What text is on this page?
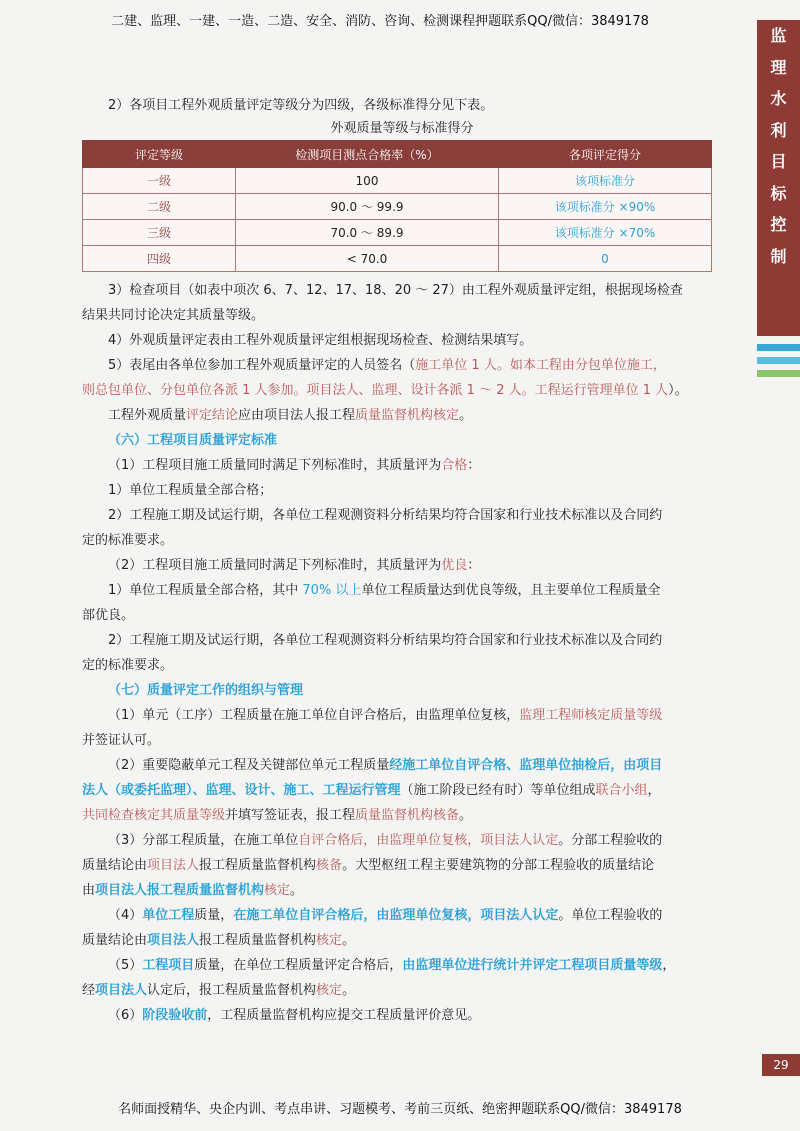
二建、监理、一建、一造、二造、安全、消防、咨询、检测课程押题联系QQ/微信：3849178
监
理
水
利
目
标
控
制
2）各项目工程外观质量评定等级分为四级，各级标准得分见下表。
外观质量等级与标准得分
评定等级	检测项目测点合格率（%）	各项评定得分
一级	100	该项标准分
二级	90.0 ～ 99.9	该项标准分 ×90%
三级	70.0 ～ 89.9	该项标准分 ×70%
四级	< 70.0	0
3）检查项目（如表中项次 6、7、12、17、18、20 ～ 27）由工程外观质量评定组，根据现场检查
结果共同讨论决定其质量等级。
4）外观质量评定表由工程外观质量评定组根据现场检查、检测结果填写。
5）表尾由各单位参加工程外观质量评定的人员签名（施工单位 1 人。如本工程由分包单位施工，
则总包单位、分包单位各派 1 人参加。项目法人、监理、设计各派 1 ～ 2 人。工程运行管理单位 1 人）。
工程外观质量评定结论应由项目法人报工程质量监督机构核定。
（六）工程项目质量评定标准
（1）工程项目施工质量同时满足下列标准时，其质量评为合格：
1）单位工程质量全部合格；
2）工程施工期及试运行期，各单位工程观测资料分析结果均符合国家和行业技术标准以及合同约
定的标准要求。
（2）工程项目施工质量同时满足下列标准时，其质量评为优良：
1）单位工程质量全部合格，其中 70% 以上单位工程质量达到优良等级，且主要单位工程质量全
部优良。
2）工程施工期及试运行期，各单位工程观测资料分析结果均符合国家和行业技术标准以及合同约
定的标准要求。
（七）质量评定工作的组织与管理
（1）单元（工序）工程质量在施工单位自评合格后，由监理单位复核，监理工程师核定质量等级
并签证认可。
（2）重要隐蔽单元工程及关键部位单元工程质量经施工单位自评合格、监理单位抽检后，由项目
法人（或委托监理）、监理、设计、施工、工程运行管理（施工阶段已经有时）等单位组成联合小组，
共同检查核定其质量等级并填写签证表，报工程质量监督机构核备。
（3）分部工程质量，在施工单位自评合格后，由监理单位复核，项目法人认定。分部工程验收的
质量结论由项目法人报工程质量监督机构核备。大型枢纽工程主要建筑物的分部工程验收的质量结论
由项目法人报工程质量监督机构核定。
（4）单位工程质量，在施工单位自评合格后，由监理单位复核，项目法人认定。单位工程验收的
质量结论由项目法人报工程质量监督机构核定。
（5）工程项目质量，在单位工程质量评定合格后，由监理单位进行统计并评定工程项目质量等级，
经项目法人认定后，报工程质量监督机构核定。
（6）阶段验收前，工程质量监督机构应提交工程质量评价意见。
29
名师面授精华、央企内训、考点串讲、习题模考、考前三页纸、绝密押题联系QQ/微信：3849178
